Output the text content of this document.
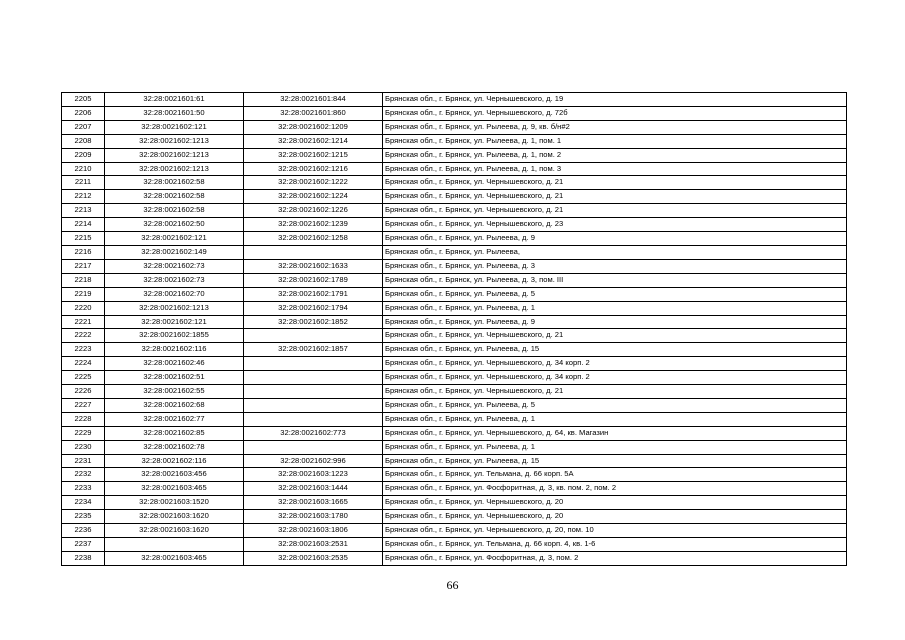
2205	32:28:0021601:61	32:28:0021601:844	Брянская обл., г. Брянск, ул. Чернышевского, д. 19
2206	32:28:0021601:50	32:28:0021601:860	Брянская обл., г. Брянск, ул. Чернышевского, д. 72б
2207	32:28:0021602:121	32:28:0021602:1209	Брянская обл., г. Брянск, ул. Рылеева, д. 9, кв. б/н#2
2208	32:28:0021602:1213	32:28:0021602:1214	Брянская обл., г. Брянск, ул. Рылеева, д. 1, пом. 1
2209	32:28:0021602:1213	32:28:0021602:1215	Брянская обл., г. Брянск, ул. Рылеева, д. 1, пом. 2
2210	32:28:0021602:1213	32:28:0021602:1216	Брянская обл., г. Брянск, ул. Рылеева, д. 1, пом. 3
2211	32:28:0021602:58	32:28:0021602:1222	Брянская обл., г. Брянск, ул. Чернышевского, д. 21
2212	32:28:0021602:58	32:28:0021602:1224	Брянская обл., г. Брянск, ул. Чернышевского, д. 21
2213	32:28:0021602:58	32:28:0021602:1226	Брянская обл., г. Брянск, ул. Чернышевского, д. 21
2214	32:28:0021602:50	32:28:0021602:1239	Брянская обл., г. Брянск, ул. Чернышевского, д. 23
2215	32:28:0021602:121	32:28:0021602:1258	Брянская обл., г. Брянск, ул. Рылеева, д. 9
2216	32:28:0021602:149		Брянская обл., г. Брянск, ул. Рылеева,
2217	32:28:0021602:73	32:28:0021602:1633	Брянская обл., г. Брянск, ул. Рылеева, д. 3
2218	32:28:0021602:73	32:28:0021602:1789	Брянская обл., г. Брянск, ул. Рылеева, д. 3, пом. III
2219	32:28:0021602:70	32:28:0021602:1791	Брянская обл., г. Брянск, ул. Рылеева, д. 5
2220	32:28:0021602:1213	32:28:0021602:1794	Брянская обл., г. Брянск, ул. Рылеева, д. 1
2221	32:28:0021602:121	32:28:0021602:1852	Брянская обл., г. Брянск, ул. Рылеева, д. 9
2222	32:28:0021602:1855		Брянская обл., г. Брянск, ул. Чернышевского, д. 21
2223	32:28:0021602:116	32:28:0021602:1857	Брянская обл., г. Брянск, ул. Рылеева, д. 15
2224	32:28:0021602:46		Брянская обл., г. Брянск, ул. Чернышевского, д. 34 корп. 2
2225	32:28:0021602:51		Брянская обл., г. Брянск, ул. Чернышевского, д. 34 корп. 2
2226	32:28:0021602:55		Брянская обл., г. Брянск, ул. Чернышевского, д. 21
2227	32:28:0021602:68		Брянская обл., г. Брянск, ул. Рылеева, д. 5
2228	32:28:0021602:77		Брянская обл., г. Брянск, ул. Рылеева, д. 1
2229	32:28:0021602:85	32:28:0021602:773	Брянская обл., г. Брянск, ул. Чернышевского, д. 64, кв. Магазин
2230	32:28:0021602:78		Брянская обл., г. Брянск, ул. Рылеева, д. 1
2231	32:28:0021602:116	32:28:0021602:996	Брянская обл., г. Брянск, ул. Рылеева, д. 15
2232	32:28:0021603:456	32:28:0021603:1223	Брянская обл., г. Брянск, ул. Тельмана, д. 66 корп. 5А
2233	32:28:0021603:465	32:28:0021603:1444	Брянская обл., г. Брянск, ул. Фосфоритная, д. 3, кв. пом. 2, пом. 2
2234	32:28:0021603:1520	32:28:0021603:1665	Брянская обл., г. Брянск, ул. Чернышевского, д. 20
2235	32:28:0021603:1620	32:28:0021603:1780	Брянская обл., г. Брянск, ул. Чернышевского, д. 20
2236	32:28:0021603:1620	32:28:0021603:1806	Брянская обл., г. Брянск, ул. Чернышевского, д. 20, пом. 10
2237		32:28:0021603:2531	Брянская обл., г. Брянск, ул. Тельмана, д. 66 корп. 4, кв. 1-6
2238	32:28:0021603:465	32:28:0021603:2535	Брянская обл., г. Брянск, ул. Фосфоритная, д. 3, пом. 2
66
